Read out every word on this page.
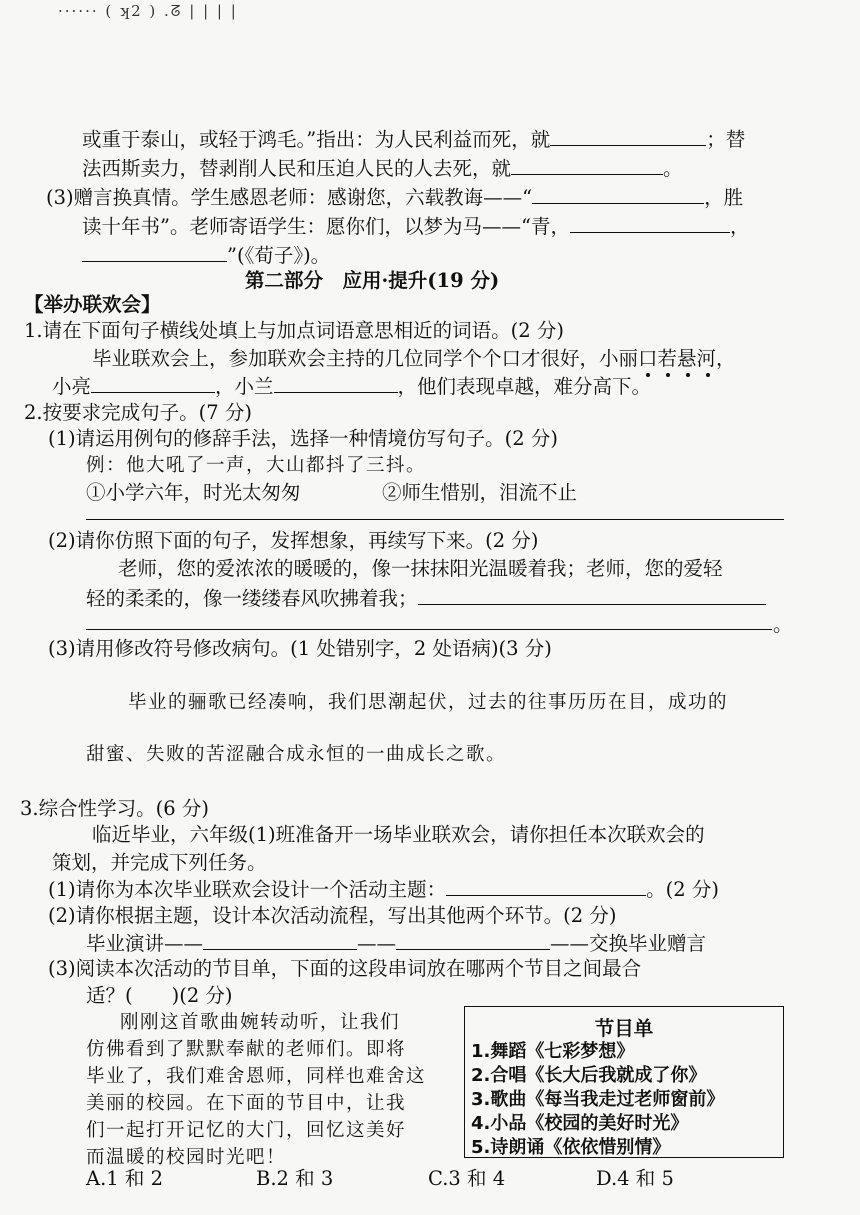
······ ( ʞ2 ) .ᘔ | | | |
或重于泰山，或轻于鸿毛。”指出：为人民利益而死，就	；替
法西斯卖力，替剥削人民和压迫人民的人去死，就	。
(3)赠言换真情。学生感恩老师：感谢您，六载教诲——“	，胜
读十年书”。老师寄语学生：愿你们，以梦为马——“青，	，
”(《荀子》)。
第二部分　应用·提升(19 分)
【举办联欢会】
1.请在下面句子横线处填上与加点词语意思相近的词语。(2 分)
毕业联欢会上，参加联欢会主持的几位同学个个口才很好，小丽口若悬河
，
小亮	，小兰	，他们表现卓越，难分高下。
2.按要求完成句子。(7 分)
(1)请运用例句的修辞手法，选择一种情境仿写句子。(2 分)
例：他大吼了一声，大山都抖了三抖。
①小学六年，时光太匆匆	②师生惜别，泪流不止
(2)请你仿照下面的句子，发挥想象，再续写下来。(2 分)
老师，您的爱浓浓的暖暖的，像一抹抹阳光温暖着我；老师，您的爱轻
轻的柔柔的，像一缕缕春风吹拂着我；
。
(3)请用修改符号修改病句。(1 处错别字，2 处语病)(3 分)
毕业的骊歌已经凑响，我们思潮起伏，过去的往事历历在目，成功的
甜蜜、失败的苦涩融合成永恒的一曲成长之歌。
3.综合性学习。(6 分)
临近毕业，六年级(1)班准备开一场毕业联欢会，请你担任本次联欢会的
策划，并完成下列任务。
(1)请你为本次毕业联欢会设计一个活动主题：	。(2 分)
(2)请你根据主题，设计本次活动流程，写出其他两个环节。(2 分)
毕业演讲——	——	——交换毕业赠言
(3)阅读本次活动的节目单，下面的这段串词放在哪两个节目之间最合
适？(　　)(2 分)
刚刚这首歌曲婉转动听，让我们
仿佛看到了默默奉献的老师们。即将
毕业了，我们难舍恩师，同样也难舍这
美丽的校园。在下面的节目中，让我
们一起打开记忆的大门，回忆这美好
而温暖的校园时光吧！
节目单
1.舞蹈《七彩梦想》
2.合唱《长大后我就成了你》
3.歌曲《每当我走过老师窗前》
4.小品《校园的美好时光》
5.诗朗诵《依依惜别情》
A.1 和 2	B.2 和 3	C.3 和 4	D.4 和 5
